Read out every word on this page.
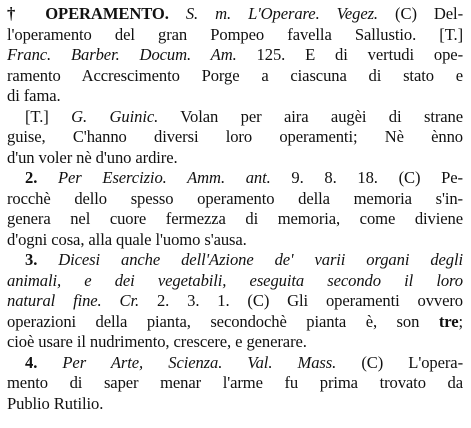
† OPERAMENTO. S. m. L'Operare. Vegez. (C) Del-
l'operamento del gran Pompeo favella Sallustio. [T.]
Franc. Barber. Docum. Am. 125. E di vertudi ope-
ramento Accrescimento Porge a ciascuna di stato e
di fama.
[T.] G. Guinic. Volan per aira augèi di strane
guise, C'hanno diversi loro operamenti; Nè ènno
d'un voler nè d'uno ardire.
2. Per Esercizio. Amm. ant. 9. 8. 18. (C) Pe-
rocchè dello spesso operamento della memoria s'in-
genera nel cuore fermezza di memoria, come diviene
d'ogni cosa, alla quale l'uomo s'ausa.
3. Dicesi anche dell'Azione de' varii organi degli
animali, e dei vegetabili, eseguita secondo il loro
natural fine. Cr. 2. 3. 1. (C) Gli operamenti ovvero
operazioni della pianta, secondochè pianta è, son tre;
cioè usare il nudrimento, crescere, e generare.
4. Per Arte, Scienza. Val. Mass. (C) L'opera-
mento di saper menar l'arme fu prima trovato da
Publio Rutilio.
